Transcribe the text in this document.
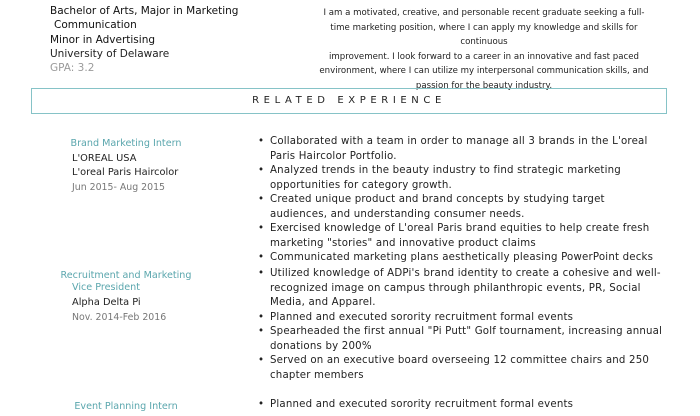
Bachelor of Arts, Major in Marketing
Communication
Minor in Advertising
University of Delaware
GPA: 3.2
I am a motivated, creative, and personable recent graduate seeking a full-
time marketing position, where I can apply my knowledge and skills for continuous
improvement. I look forward to a career in an innovative and fast paced
environment, where I can utilize my interpersonal communication skills, and
passion for the beauty industry.
RELATED EXPERIENCE
Brand Marketing Intern
L'OREAL USA
L'oreal Paris Haircolor
Jun 2015- Aug 2015
• Collaborated with a team in order to manage all 3 brands in the L'oreal Paris Haircolor Portfolio.
• Analyzed trends in the beauty industry to find strategic marketing opportunities for category growth.
• Created unique product and brand concepts by studying target audiences, and understanding consumer needs.
• Exercised knowledge of L'oreal Paris brand equities to help create fresh marketing "stories" and innovative product claims
• Communicated marketing plans aesthetically pleasing PowerPoint decks
Recruitment and Marketing
Vice President
Alpha Delta Pi
Nov. 2014-Feb 2016
• Utilized knowledge of ADPi's brand identity to create a cohesive and well-recognized image on campus through philanthropic events, PR, Social Media, and Apparel.
• Planned and executed sorority recruitment formal events
• Spearheaded the first annual "Pi Putt" Golf tournament, increasing annual donations by 200%
• Served on an executive board overseeing 12 committee chairs and 250 chapter members
Event Planning Intern
•	Planned and executed sorority recruitment formal events
